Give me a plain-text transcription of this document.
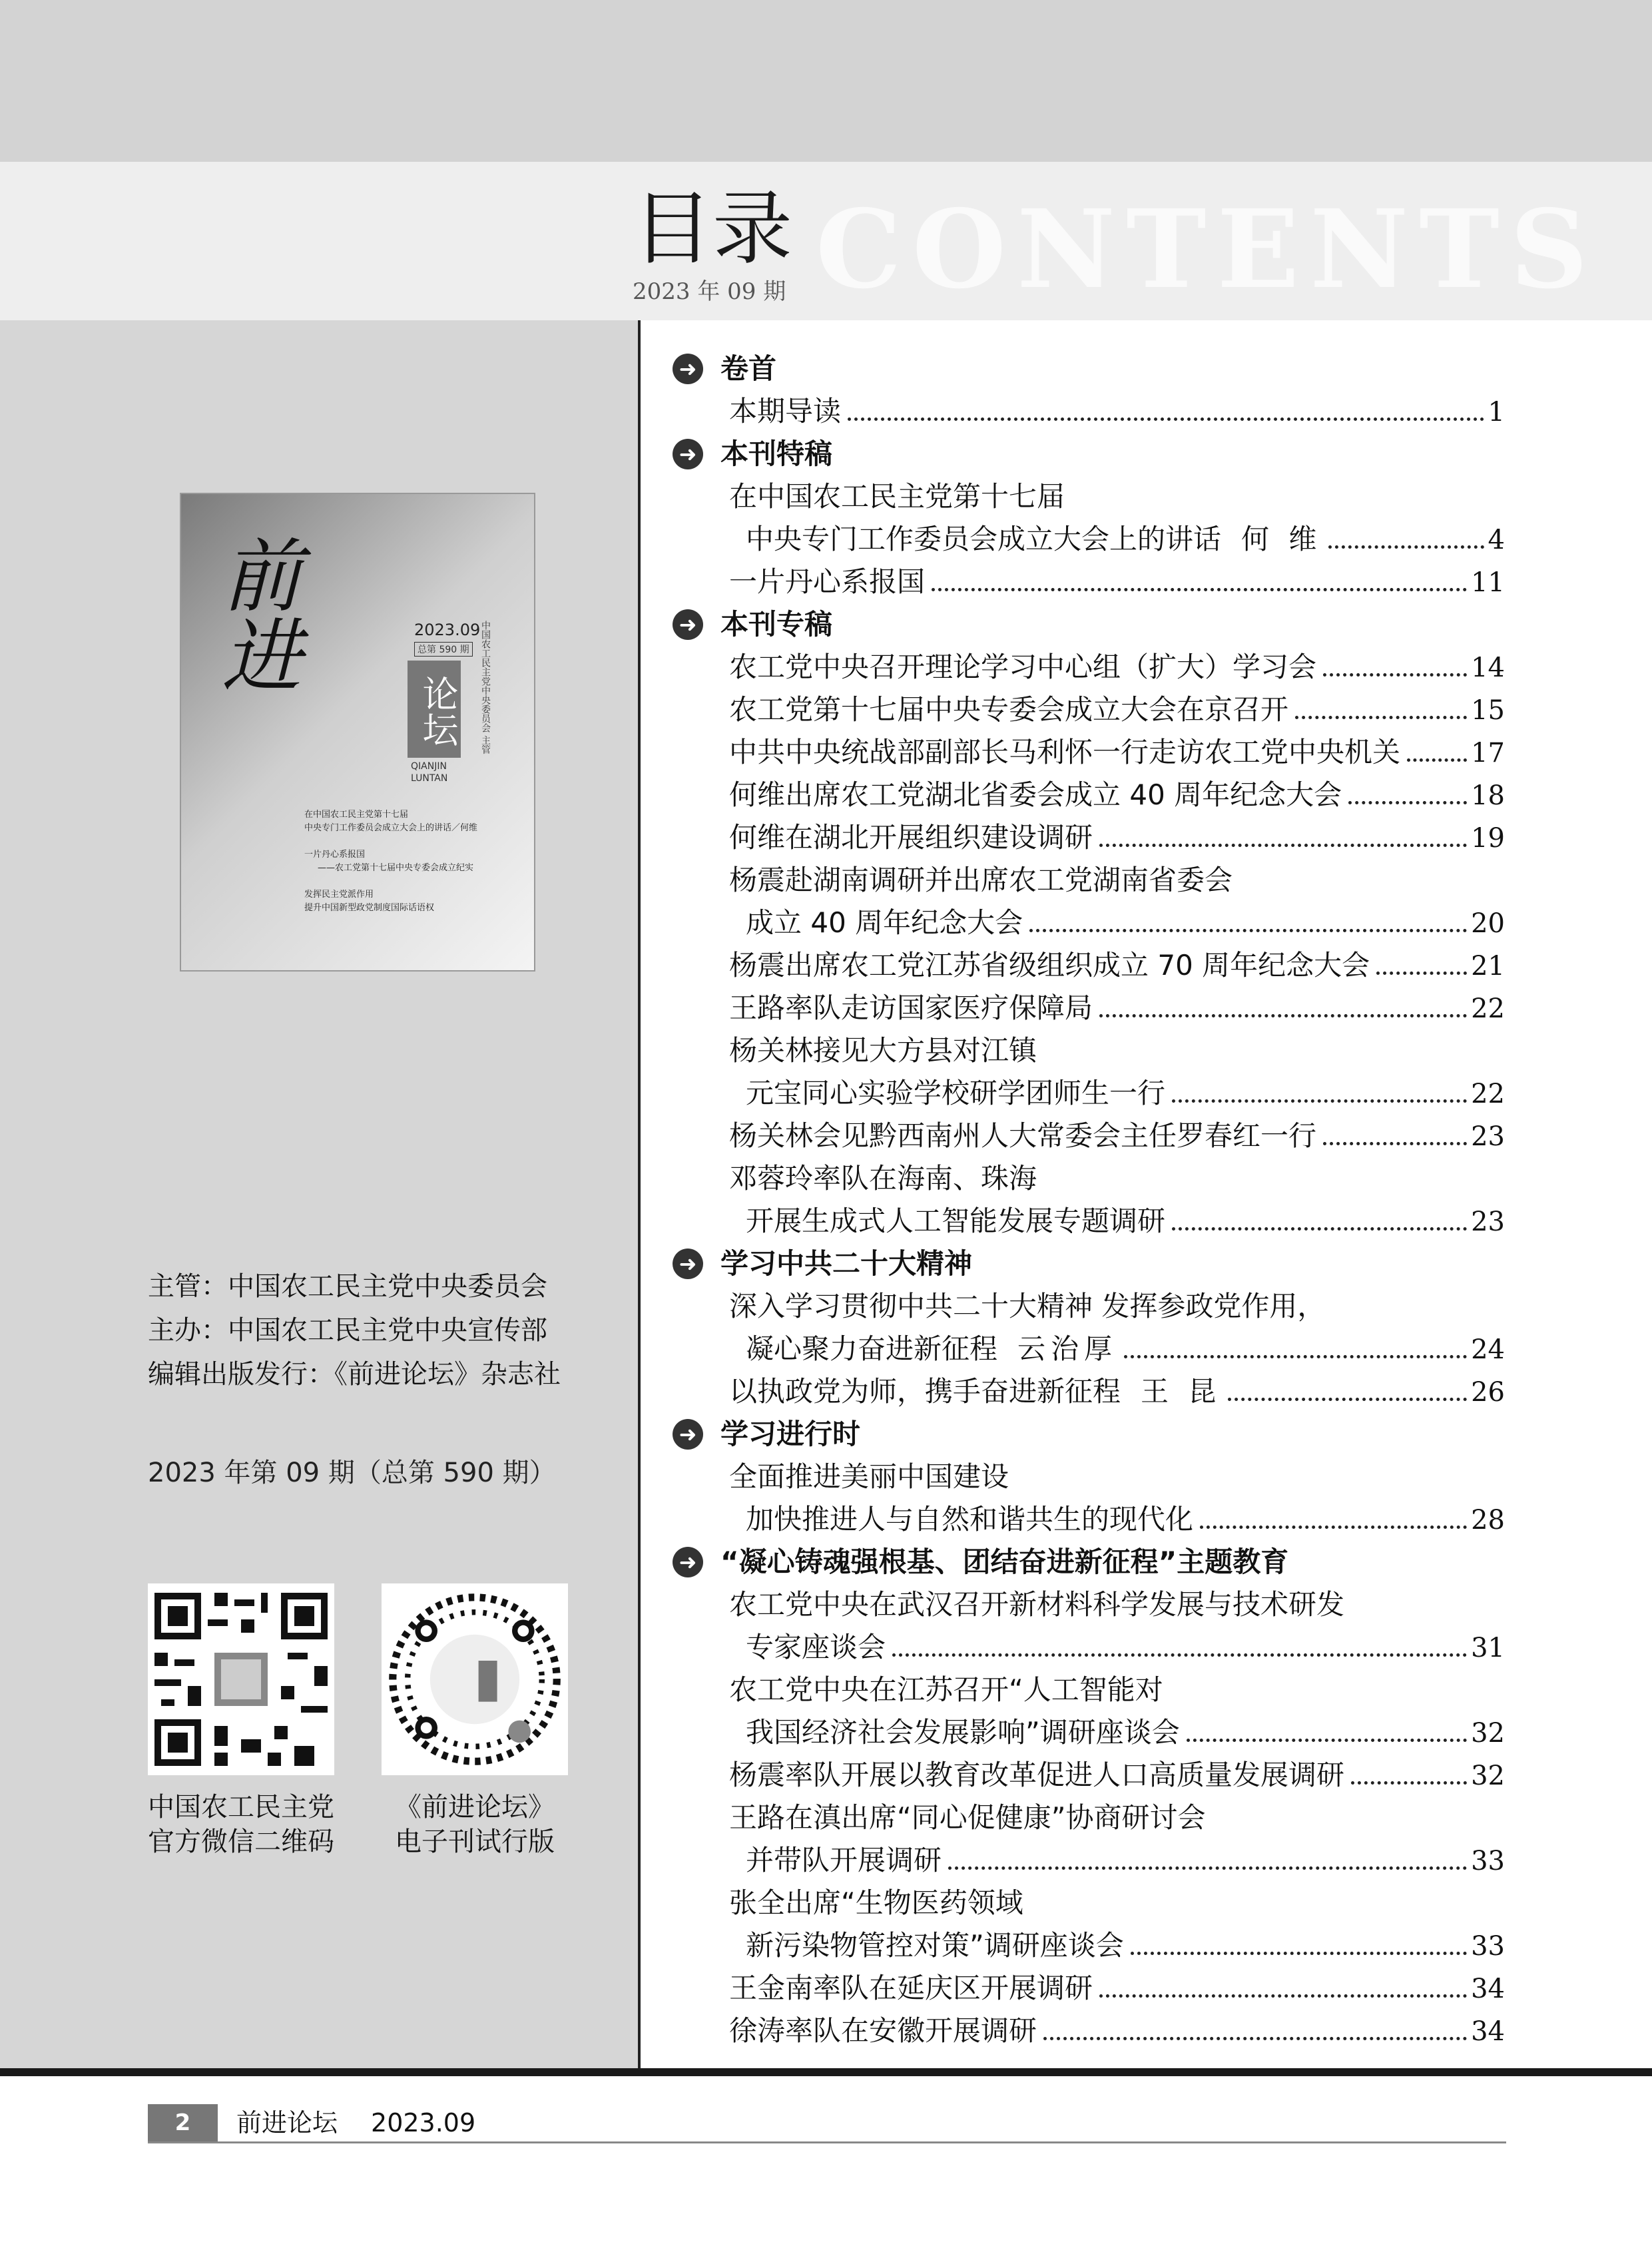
CONTENTS
目录
2023 年 09 期
前进	2023.09
总第 590 期
论坛
QIANJIN LUNTAN
中国农工民主党中央委员会 主管
在中国农工民主党第十七届
中央专门工作委员会成立大会上的讲话／何维
一片丹心系报国
——农工党第十七届中央专委会成立纪实
发挥民主党派作用
提升中国新型政党制度国际话语权
主管：中国农工民主党中央委员会
主办：中国农工民主党中央宣传部
编辑出版发行：《前进论坛》杂志社
2023 年第 09 期（总第 590 期）
中国农工民主党
官方微信二维码
《前进论坛》
电子刊试行版
➜ 卷首
本期导读	1
➜ 本刊特稿
在中国农工民主党第十七届
中央专门工作委员会成立大会上的讲话 何 维	4
一片丹心系报国	11
➜ 本刊专稿
农工党中央召开理论学习中心组（扩大）学习会	14
农工党第十七届中央专委会成立大会在京召开	15
中共中央统战部副部长马利怀一行走访农工党中央机关	17
何维出席农工党湖北省委会成立 40 周年纪念大会	18
何维在湖北开展组织建设调研	19
杨震赴湖南调研并出席农工党湖南省委会
成立 40 周年纪念大会	20
杨震出席农工党江苏省级组织成立 70 周年纪念大会	21
王路率队走访国家医疗保障局	22
杨关林接见大方县对江镇
元宝同心实验学校研学团师生一行	22
杨关林会见黔西南州人大常委会主任罗春红一行	23
邓蓉玲率队在海南、珠海
开展生成式人工智能发展专题调研	23
➜ 学习中共二十大精神
深入学习贯彻中共二十大精神 发挥参政党作用，
凝心聚力奋进新征程 云治厚	24
以执政党为师，携手奋进新征程 王 昆	26
➜ 学习进行时
全面推进美丽中国建设
加快推进人与自然和谐共生的现代化	28
➜ “凝心铸魂强根基、团结奋进新征程”主题教育
农工党中央在武汉召开新材料科学发展与技术研发
专家座谈会	31
农工党中央在江苏召开“人工智能对
我国经济社会发展影响”调研座谈会	32
杨震率队开展以教育改革促进人口高质量发展调研	32
王路在滇出席“同心促健康”协商研讨会
并带队开展调研	33
张全出席“生物医药领域
新污染物管控对策”调研座谈会	33
王金南率队在延庆区开展调研	34
徐涛率队在安徽开展调研	34
2	前进论坛 2023.09
